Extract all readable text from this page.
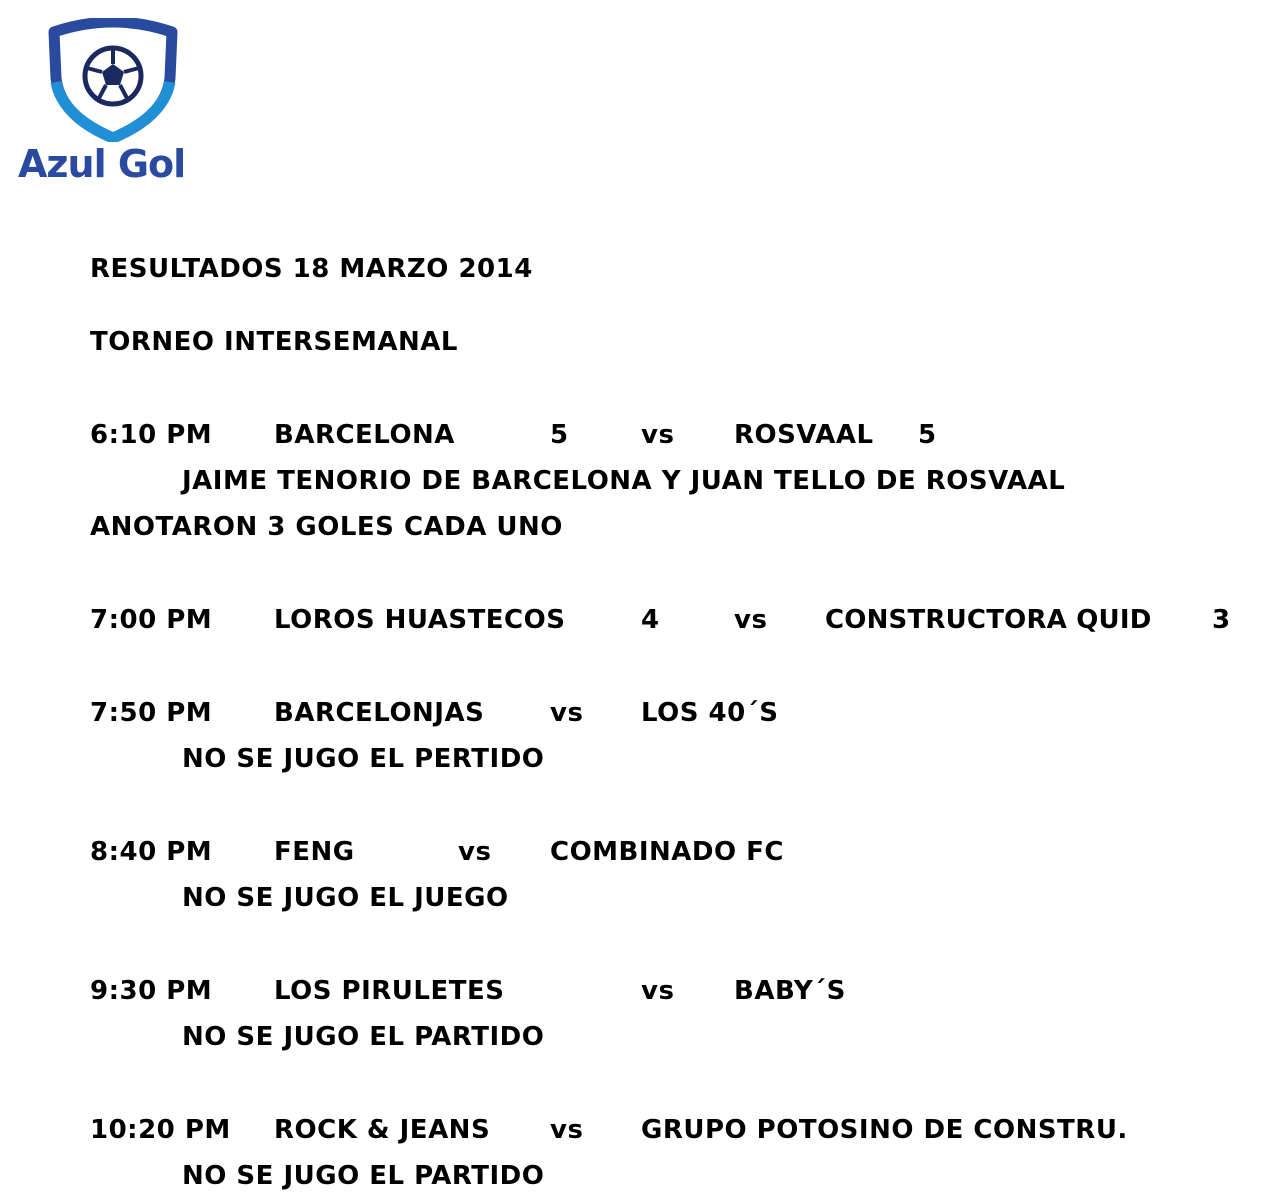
Azul Gol
RESULTADOS 18 MARZO 2014
TORNEO INTERSEMANAL
6:10 PM BARCELONA	5	vs ROSVAAL 5
JAIME TENORIO DE BARCELONA Y JUAN TELLO DE ROSVAAL
ANOTARON 3 GOLES CADA UNO
7:00 PM LOROS HUASTECOS	4	vs CONSTRUCTORA QUID 3
7:50 PM BARCELONJAS	vs LOS 40´S
NO SE JUGO EL PERTIDO
8:40 PM FENG	vs COMBINADO FC
NO SE JUGO EL JUEGO
9:30 PM LOS PIRULETES	vs BABY´S
NO SE JUGO EL PARTIDO
10:20 PM ROCK & JEANS vs GRUPO POTOSINO DE CONSTRU.
NO SE JUGO EL PARTIDO
